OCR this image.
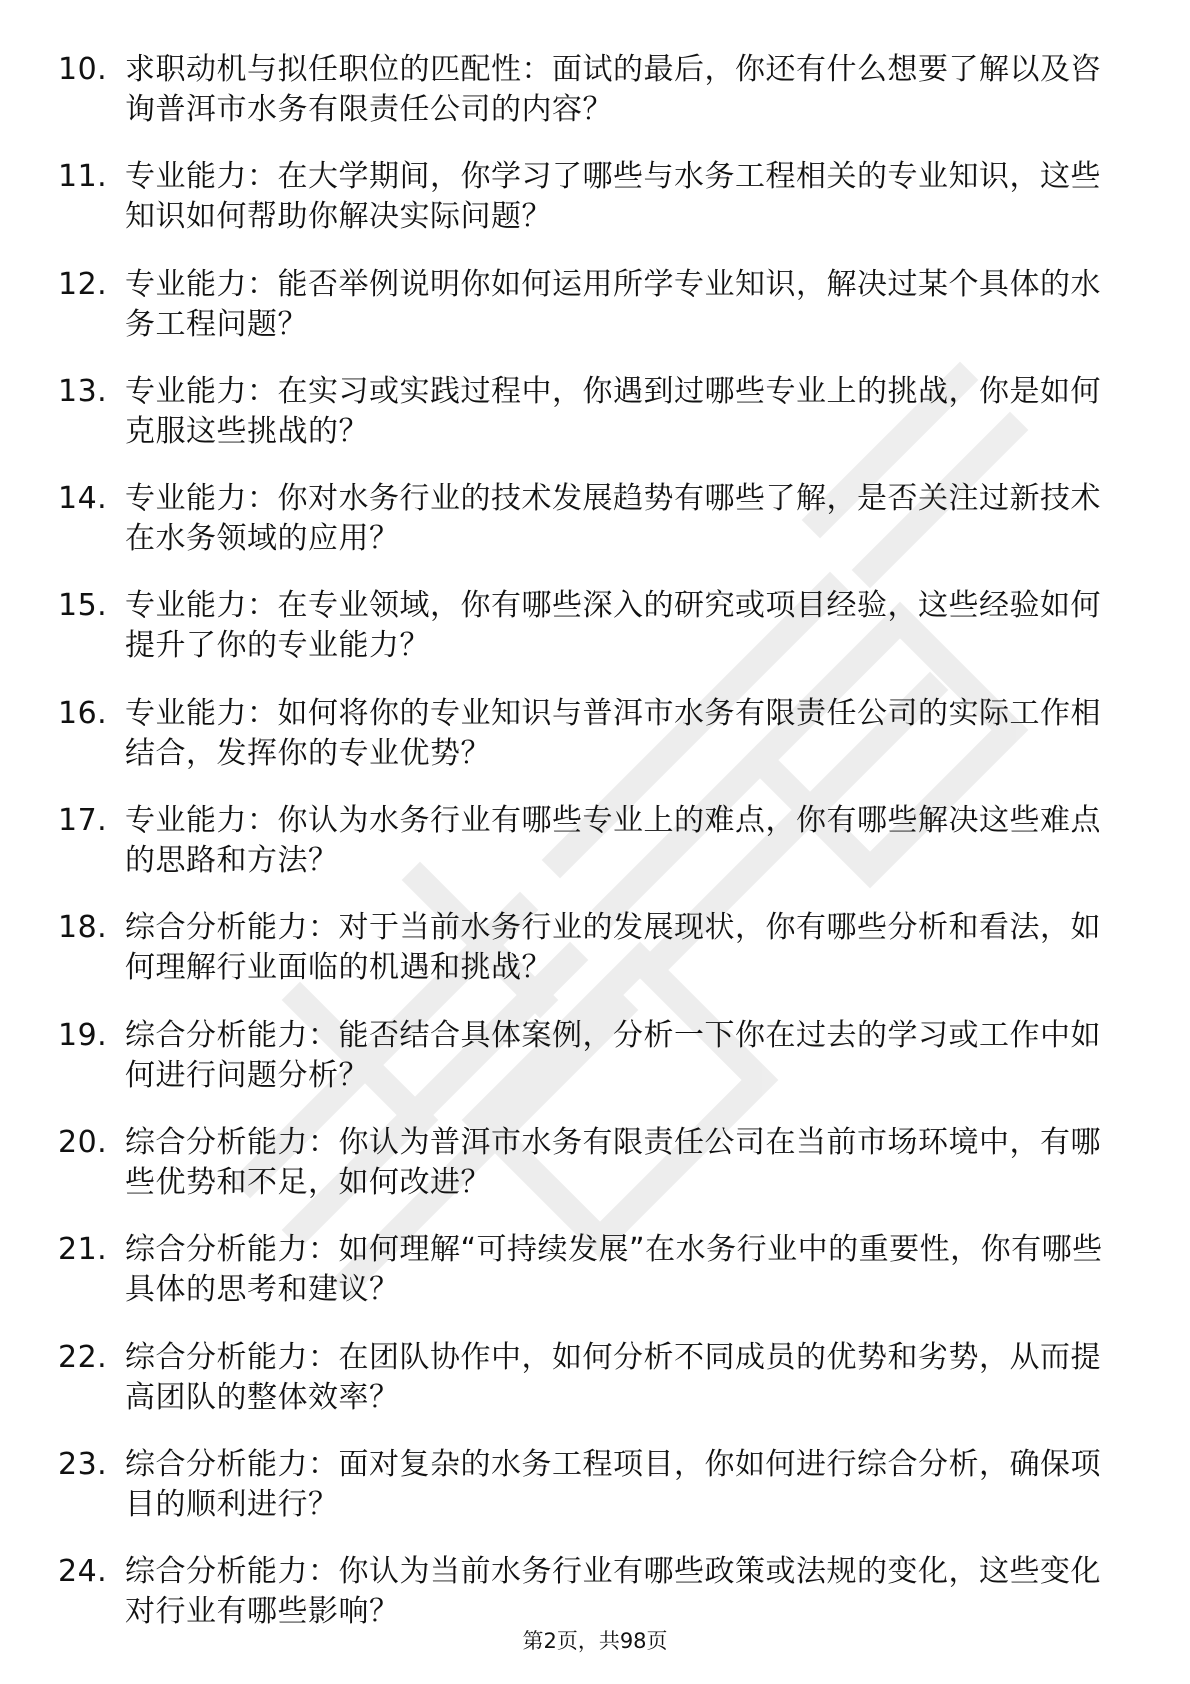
10. 求职动机与拟任职位的匹配性：面试的最后，你还有什么想要了解以及咨询普洱市水务有限责任公司的内容？
11. 专业能力：在大学期间，你学习了哪些与水务工程相关的专业知识，这些知识如何帮助你解决实际问题？
12. 专业能力：能否举例说明你如何运用所学专业知识，解决过某个具体的水务工程问题？
13. 专业能力：在实习或实践过程中，你遇到过哪些专业上的挑战，你是如何克服这些挑战的？
14. 专业能力：你对水务行业的技术发展趋势有哪些了解，是否关注过新技术在水务领域的应用？
15. 专业能力：在专业领域，你有哪些深入的研究或项目经验，这些经验如何提升了你的专业能力？
16. 专业能力：如何将你的专业知识与普洱市水务有限责任公司的实际工作相结合，发挥你的专业优势？
17. 专业能力：你认为水务行业有哪些专业上的难点，你有哪些解决这些难点的思路和方法？
18. 综合分析能力：对于当前水务行业的发展现状，你有哪些分析和看法，如何理解行业面临的机遇和挑战？
19. 综合分析能力：能否结合具体案例，分析一下你在过去的学习或工作中如何进行问题分析？
20. 综合分析能力：你认为普洱市水务有限责任公司在当前市场环境中，有哪些优势和不足，如何改进？
21. 综合分析能力：如何理解“可持续发展”在水务行业中的重要性，你有哪些具体的思考和建议？
22. 综合分析能力：在团队协作中，如何分析不同成员的优势和劣势，从而提高团队的整体效率？
23. 综合分析能力：面对复杂的水务工程项目，你如何进行综合分析，确保项目的顺利进行？
24. 综合分析能力：你认为当前水务行业有哪些政策或法规的变化，这些变化对行业有哪些影响？
第2页，共98页
